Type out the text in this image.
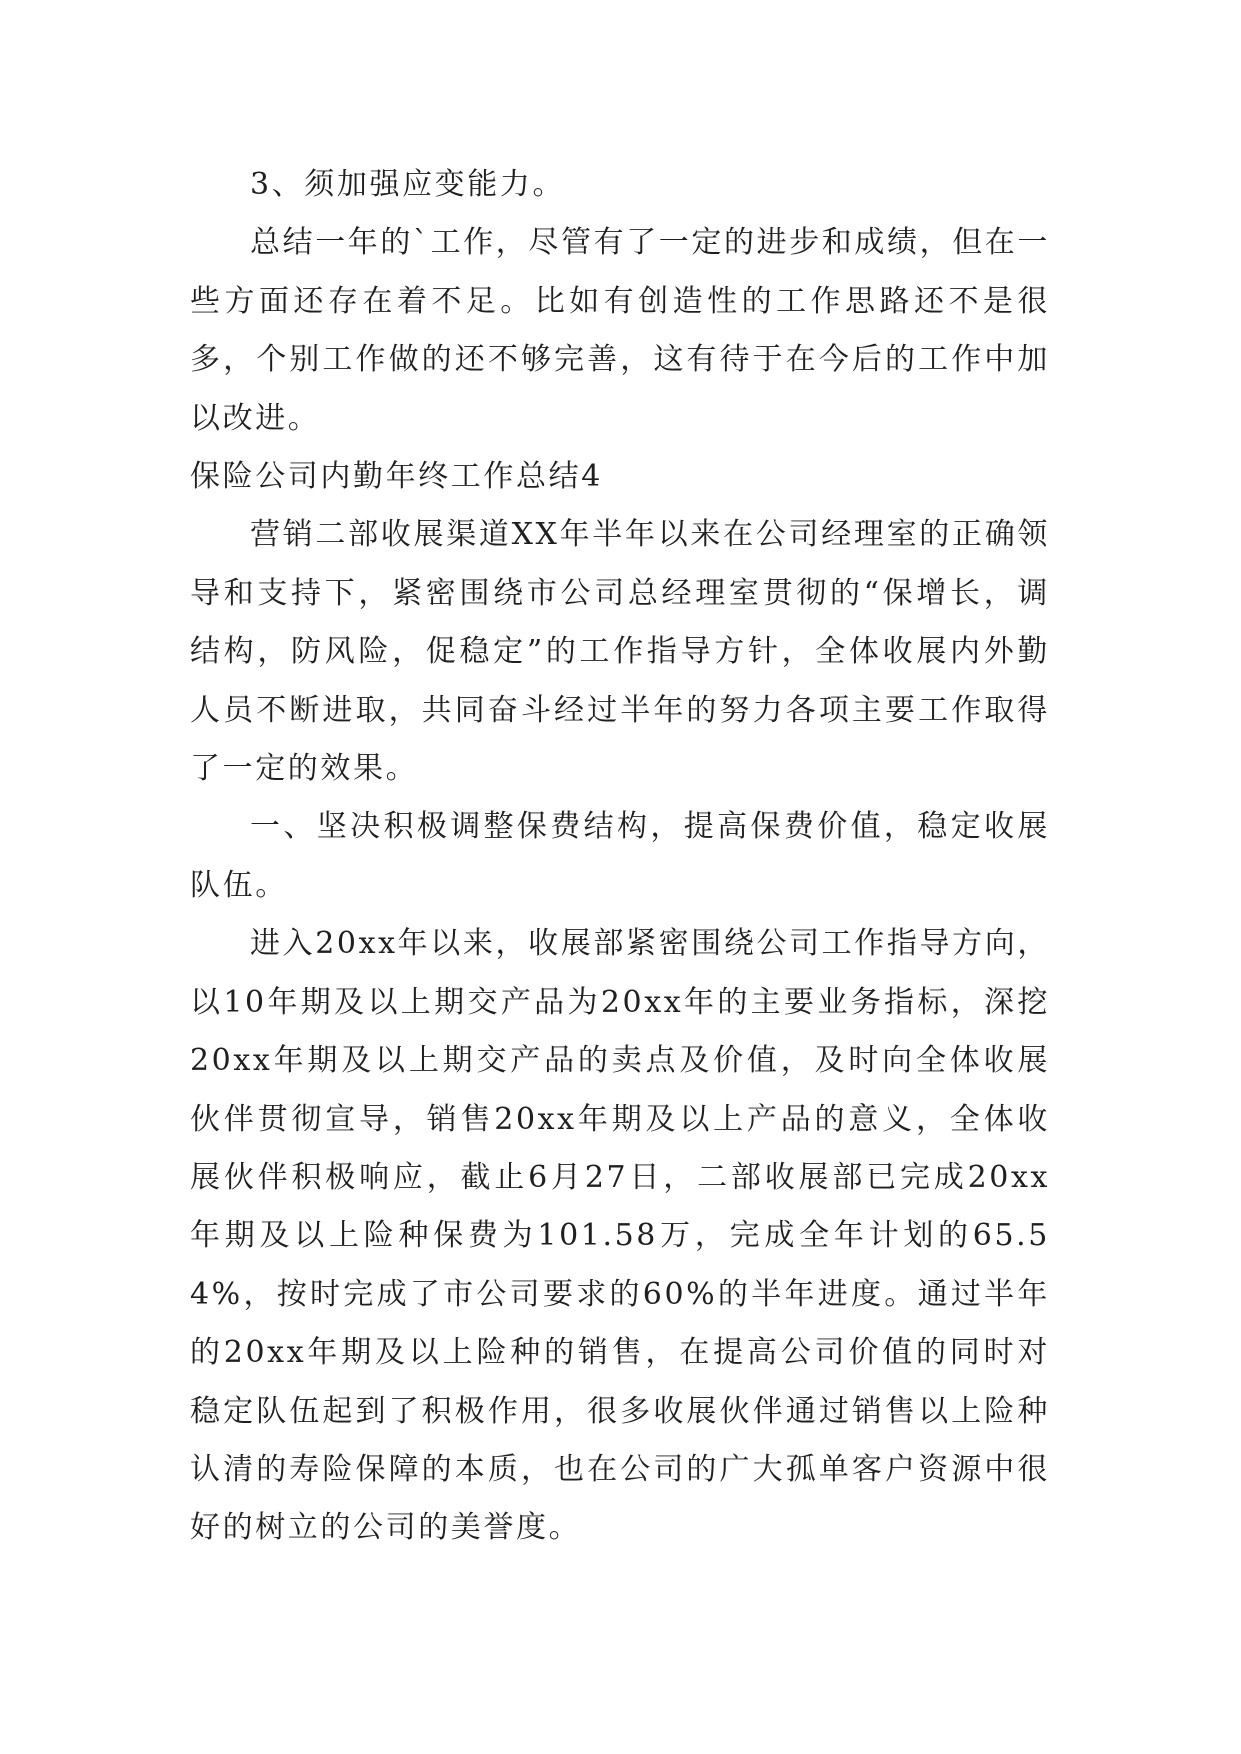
3、须加强应变能力。

总结一年的`工作，尽管有了一定的进步和成绩，但在一些方面还存在着不足。比如有创造性的工作思路还不是很多，个别工作做的还不够完善，这有待于在今后的工作中加以改进。

保险公司内勤年终工作总结4

营销二部收展渠道XX年半年以来在公司经理室的正确领导和支持下，紧密围绕市公司总经理室贯彻的“保增长，调结构，防风险，促稳定”的工作指导方针，全体收展内外勤人员不断进取，共同奋斗经过半年的努力各项主要工作取得了一定的效果。

一、坚决积极调整保费结构，提高保费价值，稳定收展队伍。

进入20xx年以来，收展部紧密围绕公司工作指导方向，以10年期及以上期交产品为20xx年的主要业务指标，深挖20xx年期及以上期交产品的卖点及价值，及时向全体收展伙伴贯彻宣导，销售20xx年期及以上产品的意义，全体收展伙伴积极响应，截止6月27日，二部收展部已完成20xx年期及以上险种保费为101.58万，完成全年计划的65.54%，按时完成了市公司要求的60%的半年进度。通过半年的20xx年期及以上险种的销售，在提高公司价值的同时对稳定队伍起到了积极作用，很多收展伙伴通过销售以上险种认清的寿险保障的本质，也在公司的广大孤单客户资源中很好的树立的公司的美誉度。
